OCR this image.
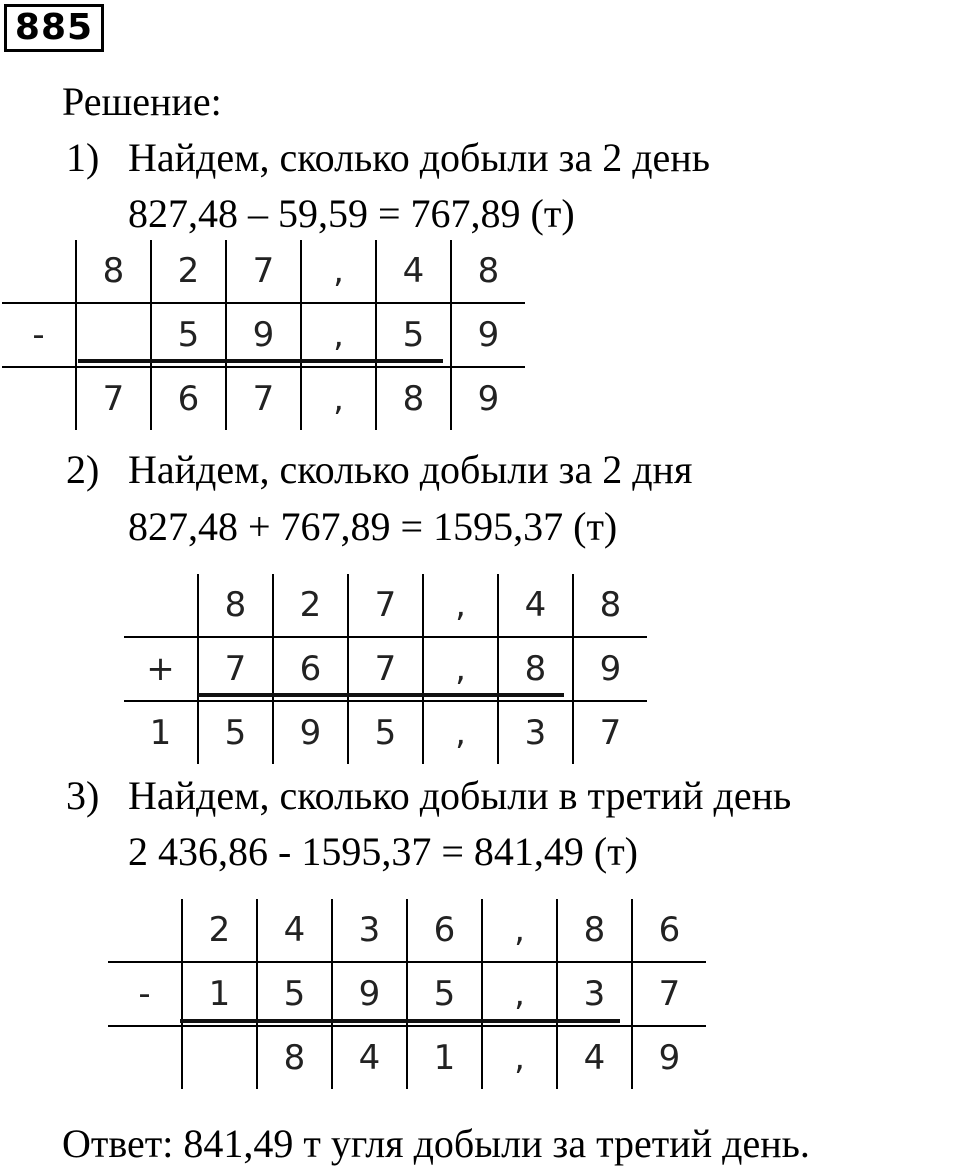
885
Решение:
1) Найдем, сколько добыли за 2 день
827,48 – 59,59 = 767,89 (т)
	8	2	7	,	4	8
-		5	9	,	5	9
	7	6	7	,	8	9
2) Найдем, сколько добыли за 2 дня
827,48 + 767,89 = 1595,37 (т)
	8	2	7	,	4	8
+	7	6	7	,	8	9
1	5	9	5	,	3	7
3) Найдем, сколько добыли в третий день
2 436,86 - 1595,37 = 841,49 (т)
	2	4	3	6	,	8	6
-	1	5	9	5	,	3	7
		8	4	1	,	4	9
Ответ: 841,49 т угля добыли за третий день.
